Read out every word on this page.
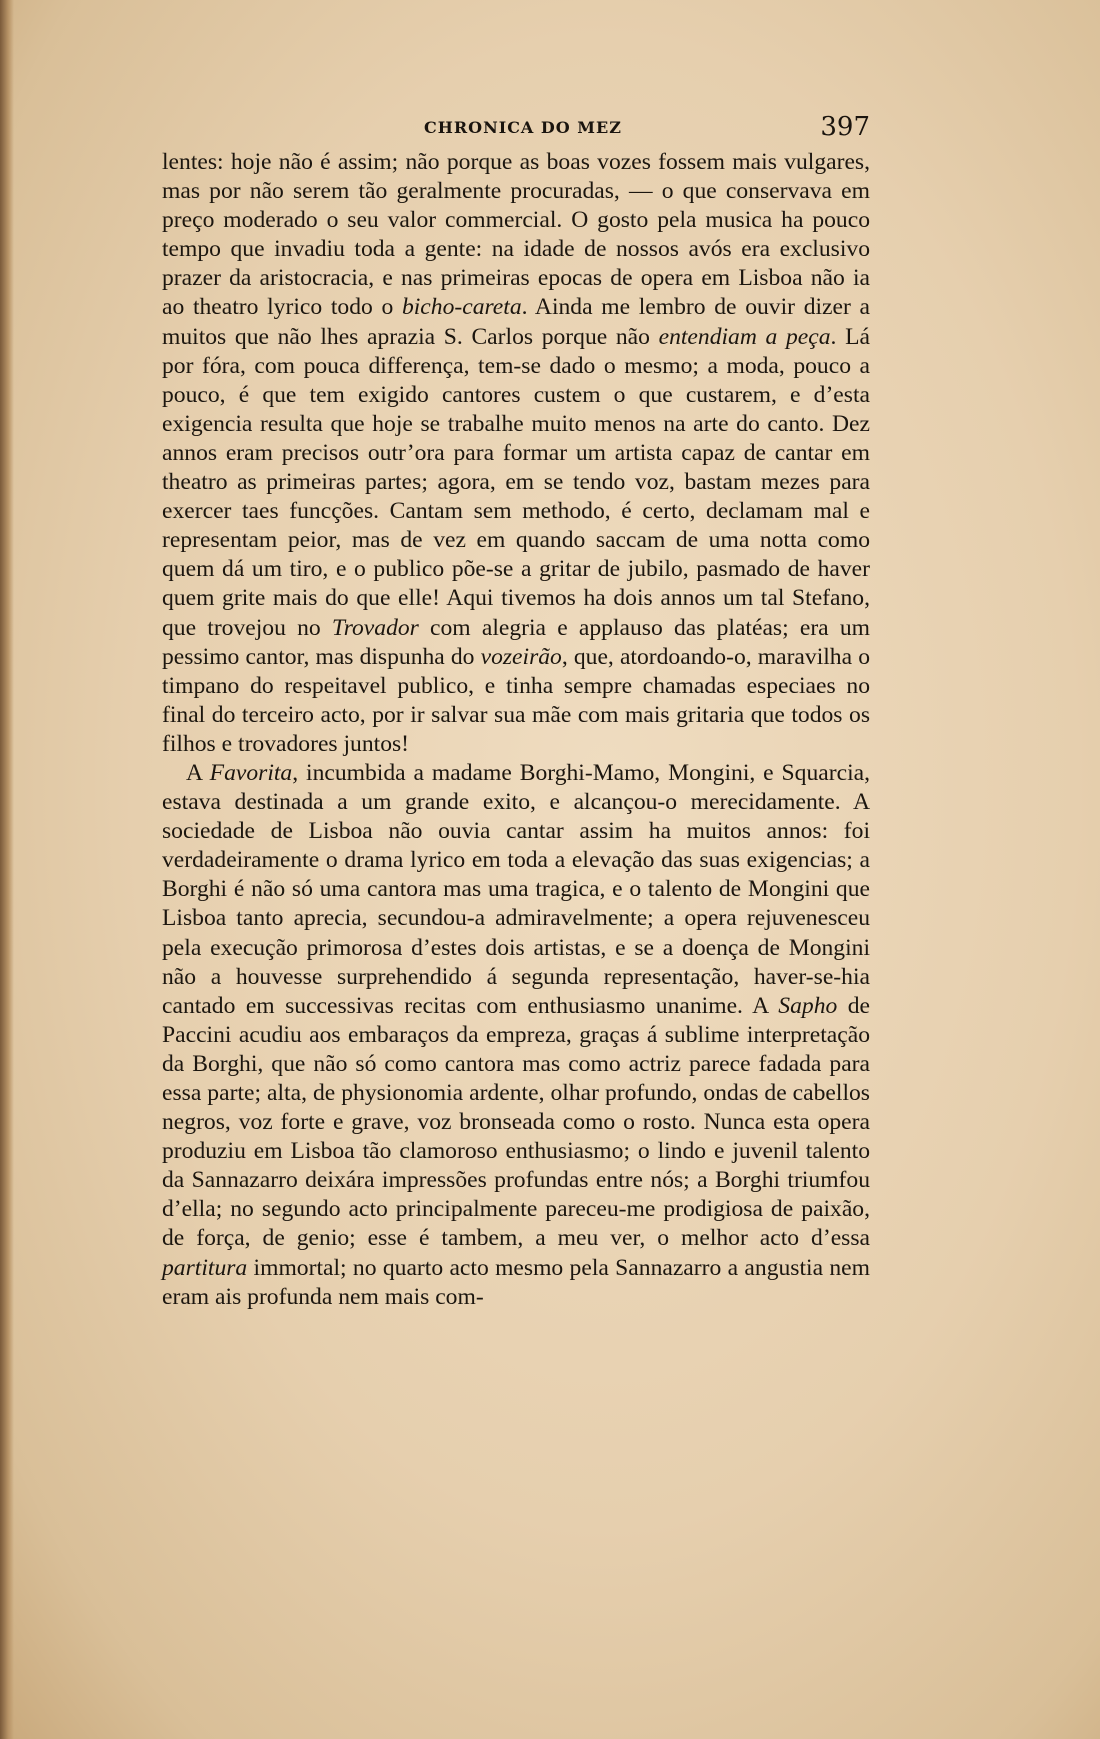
CHRONICA DO MEZ	397

lentes: hoje não é assim; não porque as boas vozes fossem mais vulgares, mas por não serem tão geralmente procuradas, — o que conservava em preço moderado o seu valor commercial. O gosto pela musica ha pouco tempo que invadiu toda a gente: na idade de nossos avós era exclusivo prazer da aristocracia, e nas primeiras epocas de opera em Lisboa não ia ao theatro lyrico todo o bicho-careta. Ainda me lembro de ouvir dizer a muitos que não lhes aprazia S. Carlos porque não entendiam a peça. Lá por fóra, com pouca differença, tem-se dado o mesmo; a moda, pouco a pouco, é que tem exigido cantores custem o que custarem, e d’esta exigencia resulta que hoje se trabalhe muito menos na arte do canto. Dez annos eram precisos outr’ora para formar um artista capaz de cantar em theatro as primeiras partes; agora, em se tendo voz, bastam mezes para exercer taes funcções. Cantam sem methodo, é certo, declamam mal e representam peior, mas de vez em quando saccam de uma notta como quem dá um tiro, e o publico põe-se a gritar de jubilo, pasmado de haver quem grite mais do que elle! Aqui tivemos ha dois annos um tal Stefano, que trovejou no Trovador com alegria e applauso das platéas; era um pessimo cantor, mas dispunha do vozeirão, que, atordoando-o, maravilha o timpano do respeitavel publico, e tinha sempre chamadas especiaes no final do terceiro acto, por ir salvar sua mãe com mais gritaria que todos os filhos e trovadores juntos!

A Favorita, incumbida a madame Borghi-Mamo, Mongini, e Squarcia, estava destinada a um grande exito, e alcançou-o merecidamente. A sociedade de Lisboa não ouvia cantar assim ha muitos annos: foi verdadeiramente o drama lyrico em toda a elevação das suas exigencias; a Borghi é não só uma cantora mas uma tragica, e o talento de Mongini que Lisboa tanto aprecia, secundou-a admiravelmente; a opera rejuvenesceu pela execução primorosa d’estes dois artistas, e se a doença de Mongini não a houvesse surprehendido á segunda representação, haver-se-hia cantado em successivas recitas com enthusiasmo unanime. A Sapho de Paccini acudiu aos embaraços da empreza, graças á sublime interpretação da Borghi, que não só como cantora mas como actriz parece fadada para essa parte; alta, de physionomia ardente, olhar profundo, ondas de cabellos negros, voz forte e grave, voz bronseada como o rosto. Nunca esta opera produziu em Lisboa tão clamoroso enthusiasmo; o lindo e juvenil talento da Sannazarro deixára impressões profundas entre nós; a Borghi triumfou d’ella; no segundo acto principalmente pareceu-me prodigiosa de paixão, de força, de genio; esse é tambem, a meu ver, o melhor acto d’essa partitura immortal; no quarto acto mesmo pela Sannazarro a angustia nem eram ais profunda nem mais com-
